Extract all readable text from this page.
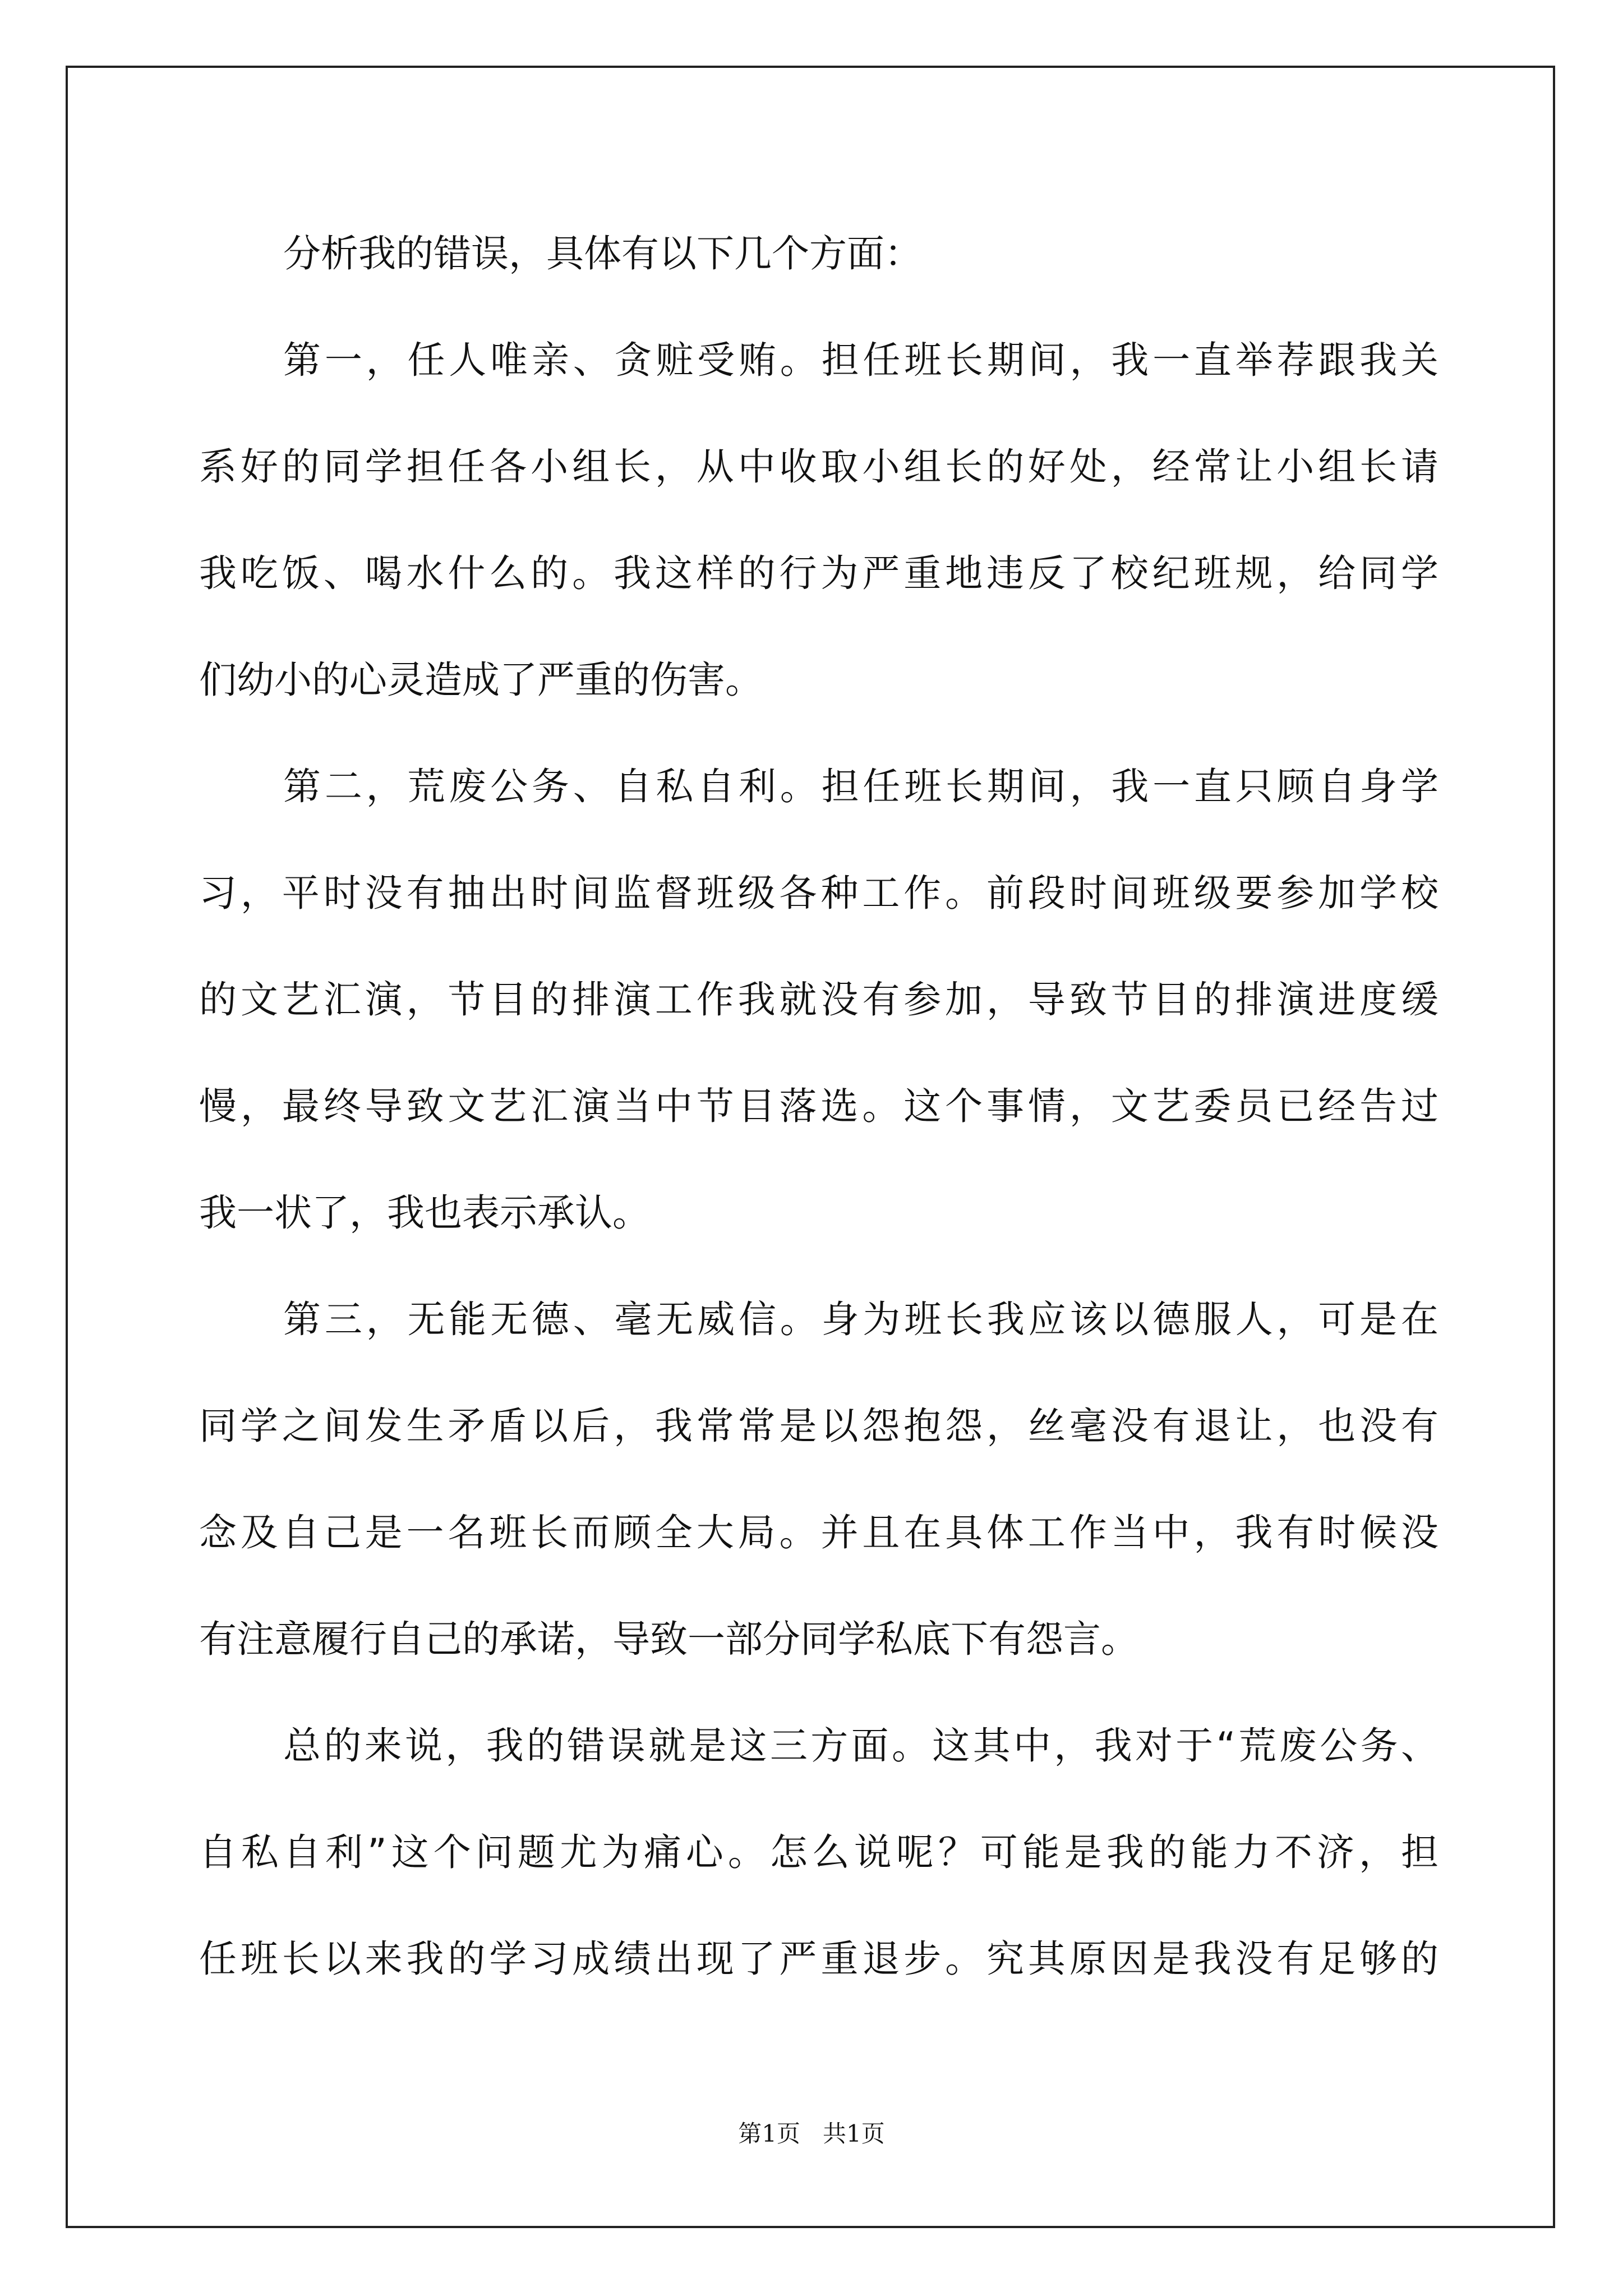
分析我的错误，具体有以下几个方面：
第一，任人唯亲、贪赃受贿。担任班长期间，我一直举荐跟我关
系好的同学担任各小组长，从中收取小组长的好处，经常让小组长请
我吃饭、喝水什么的。我这样的行为严重地违反了校纪班规，给同学
们幼小的心灵造成了严重的伤害。
第二，荒废公务、自私自利。担任班长期间，我一直只顾自身学
习，平时没有抽出时间监督班级各种工作。前段时间班级要参加学校
的文艺汇演，节目的排演工作我就没有参加，导致节目的排演进度缓
慢，最终导致文艺汇演当中节目落选。这个事情，文艺委员已经告过
我一状了，我也表示承认。
第三，无能无德、毫无威信。身为班长我应该以德服人，可是在
同学之间发生矛盾以后，我常常是以怨抱怨，丝毫没有退让，也没有
念及自己是一名班长而顾全大局。并且在具体工作当中，我有时候没
有注意履行自己的承诺，导致一部分同学私底下有怨言。
总的来说，我的错误就是这三方面。这其中，我对于“荒废公务、
自私自利”这个问题尤为痛心。怎么说呢？可能是我的能力不济，担
任班长以来我的学习成绩出现了严重退步。究其原因是我没有足够的
第1页   共1页
